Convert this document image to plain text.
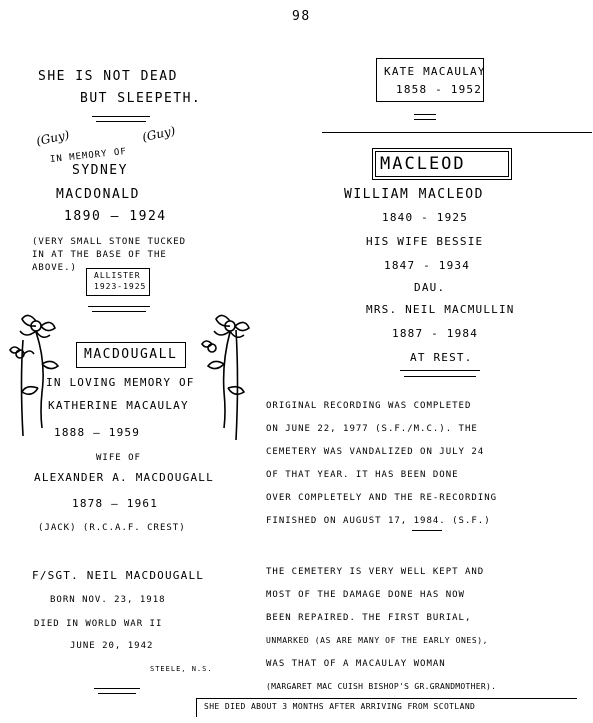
98
SHE IS NOT DEAD
BUT SLEEPETH.
(Guy)	(Guy)
IN MEMORY OF
SYDNEY
MACDONALD
1890 – 1924
(VERY SMALL STONE TUCKED
IN AT THE BASE OF THE
ABOVE.)
ALLISTER
1923-1925
MACDOUGALL
IN LOVING MEMORY OF
KATHERINE MACAULAY
1888 – 1959
WIFE OF
ALEXANDER A. MACDOUGALL
1878 – 1961
(JACK) (R.C.A.F. CREST)
F/SGT. NEIL MACDOUGALL
BORN NOV. 23, 1918
DIED IN WORLD WAR II
JUNE 20, 1942
STEELE, N.S.
KATE MACAULAY
1858 - 1952
MACLEOD
WILLIAM MACLEOD
1840 - 1925
HIS WIFE BESSIE
1847 - 1934
DAU.
MRS. NEIL MACMULLIN
1887 - 1984
AT REST.
ORIGINAL RECORDING WAS COMPLETED
ON JUNE 22, 1977 (S.F./M.C.). THE
CEMETERY WAS VANDALIZED ON JULY 24
OF THAT YEAR. IT HAS BEEN DONE
OVER COMPLETELY AND THE RE-RECORDING
FINISHED ON AUGUST 17, 1984. (S.F.)
THE CEMETERY IS VERY WELL KEPT AND
MOST OF THE DAMAGE DONE HAS NOW
BEEN REPAIRED. THE FIRST BURIAL,
UNMARKED (AS ARE MANY OF THE EARLY ONES),
WAS THAT OF A MACAULAY WOMAN
(MARGARET MAC CUISH BISHOP'S GR.GRANDMOTHER).
SHE DIED ABOUT 3 MONTHS AFTER ARRIVING FROM SCOTLAND
